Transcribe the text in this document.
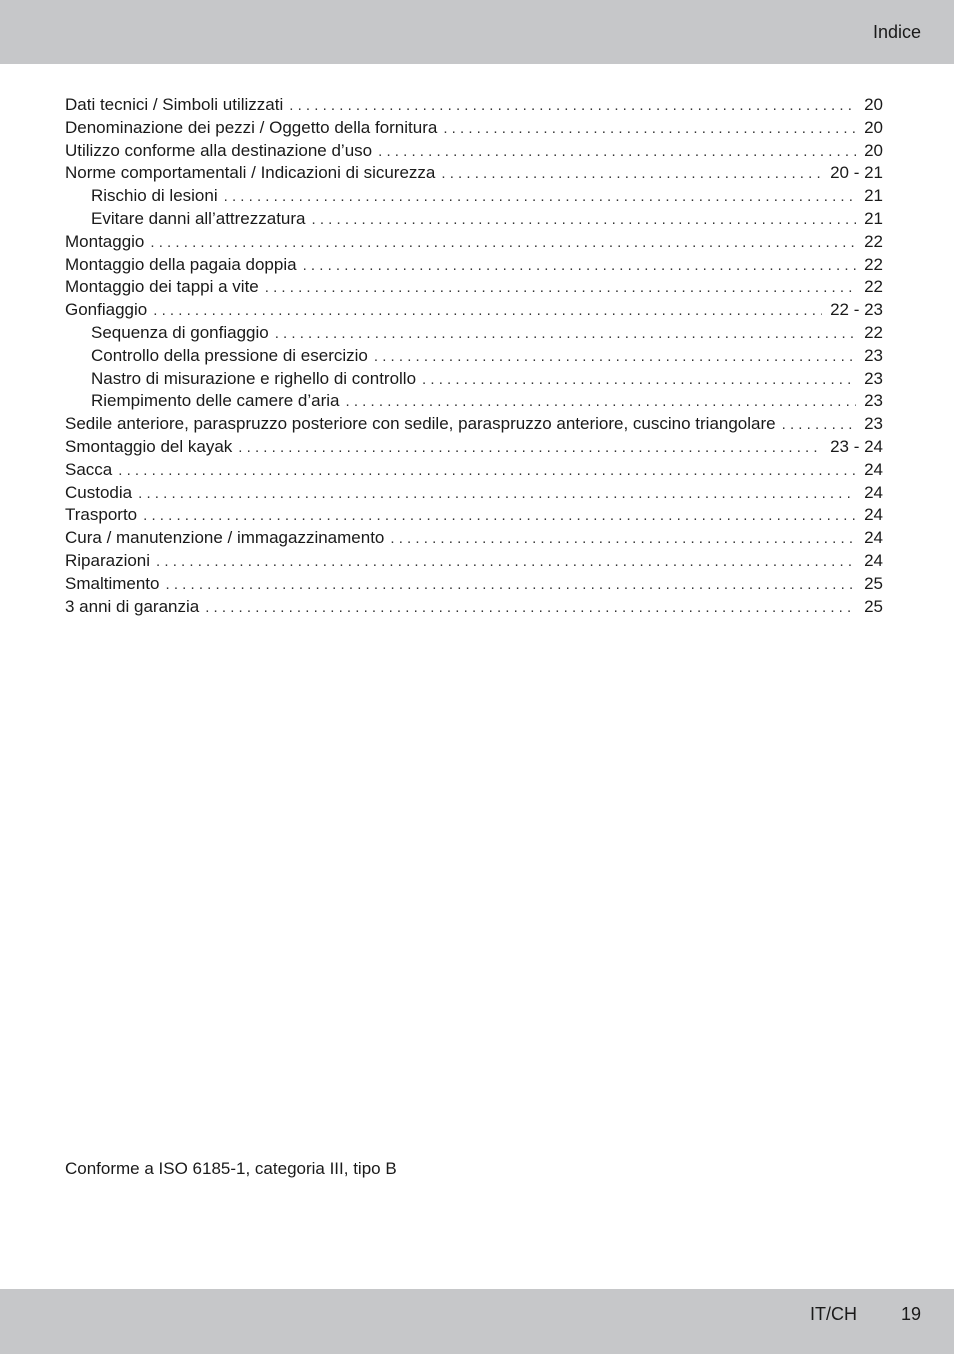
Indice
Dati tecnici / Simboli utilizzati . . .	20
Denominazione dei pezzi / Oggetto della fornitura . . .	20
Utilizzo conforme alla destinazione d’uso . . .	20
Norme comportamentali / Indicazioni di sicurezza . . .	20 - 21
Rischio di lesioni . . .	21
Evitare danni all’attrezzatura . . .	21
Montaggio . . .	22
Montaggio della pagaia doppia . . .	22
Montaggio dei tappi a vite . . .	22
Gonfiaggio . . .	22 - 23
Sequenza di gonfiaggio . . .	22
Controllo della pressione di esercizio . . .	23
Nastro di misurazione e righello di controllo . . .	23
Riempimento delle camere d’aria . . .	23
Sedile anteriore, paraspruzzo posteriore con sedile, paraspruzzo anteriore, cuscino triangolare . . .	23
Smontaggio del kayak . . .	23 - 24
Sacca . . .	24
Custodia . . .	24
Trasporto . . .	24
Cura / manutenzione / immagazzinamento . . .	24
Riparazioni . . .	24
Smaltimento . . .	25
3 anni di garanzia . . .	25
Conforme a ISO 6185-1, categoria III, tipo B
IT/CH 19
